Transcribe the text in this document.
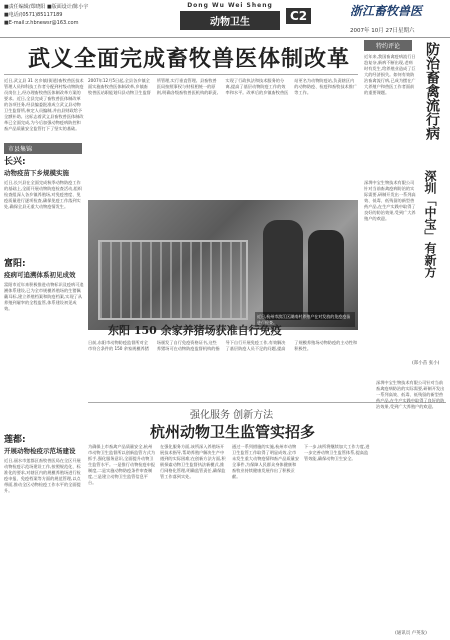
■责任编辑/郑晓阳 ■版面设计/陈小宇
■电话/(0571)85117189
■E-mail:z.hbnewsr@163.com
Dong Wu Wei Sheng
动物卫生	C2	浙江畜牧兽医
2007年 10月 27日星期六
武义全面完成畜牧兽医体制改革
近日,武义县 31 名乡镇(街道)畜牧兽医技术管理人员和科技工作者分配到村级动物防疫员岗位上,经办理畜牧兽医体制改革方案的要求。近日,全县完成了畜牧兽医体制改革的各项任务,经县编委批准成立武义县动物卫生监督所,核定人员编制,并由县财政给予全额补助。这标志着武义县畜牧兽医体制改革已全面完成,为今后加强动物疫病防控和畜产品质量安全监管打下了坚实的基础。
2007年12月5日起,全县各乡镇全面实施畜牧兽医体制改革,乡镇畜牧兽医站职能划归县动物卫生监督所管理,实行垂直管理。县畜牧兽医局按照事权与财权相统一的原则,明确各级畜牧兽医机构的职责,实现了行政执法和技术服务的分离,提高了基层动物防疫工作的效率和水平。改革后的乡镇畜牧兽医站更名为动物防疫站,负责辖区内的动物防疫、检疫和畜牧技术推广等工作。
市县集锦
长兴:
动物疫苗下乡规模实施
近日,长兴县在全面完成秋季动物防疫工作的基础上,全面开展动物防疫检查活动,组织检查组深入各乡镇养殖场,对免疫密度、免疫质量进行逐项检查,确保免疫工作落到实处,确保全县无重大动物疫情发生。
富阳:
疫病可追溯体系初见成效
富阳市近年来积极推进动物标识及疫病可追溯体系建设,已为全市规模养殖场的生猪佩戴耳标,建立养殖档案和防疫档案,实现了从养殖到屠宰的全程监管,体系建设初见成效。
莲都:
开展动物检疫示范场建设
近日,丽水市莲都区畜牧兽医局在全区开展动物检疫示范场建设工作,按照规范化、标准化的要求,对辖区内的规模养殖场进行检疫申报、免疫档案等方面的规范管理,以点带面,推动全区动物检疫工作水平的全面提升。
近日,杭州市滨江区湖南村养殖户在对发放的免疫疫苗进行检查。
东阳 150 余家养猪场获准自行免疫
日前,东阳市动物防疫监督所对全市符合条件的 150 余家规模养猪场颁发了自行免疫资格证书,这些养猪场可在动物防疫监督机构的指导下自行开展免疫工作,有效解决了基层防疫人员不足的问题,提高了规模养殖场动物防疫的主动性和积极性。
特约评论	防治畜禽流行病
深圳「中宝」有新方
近年来,我国畜禽疫病流行日趋复杂,新病不断出现,老病时有发生,给养殖业造成了巨大的经济损失。如何有效防治畜禽流行病,已成为摆在广大养殖户和兽医工作者面前的重要课题。
深圳中宝生物技术有限公司针对当前畜禽疫病防治的实际需要,研制开发出一系列高效、低毒、低残留的新型兽药产品,在生产实践中取得了良好的防治效果,受到广大养殖户的欢迎。
(郑小苗 张小)
强化服务 创新方法
杭州动物卫生监管实招多
为确保上市畜禽产品质量安全,杭州市动物卫生监督所以创新监管方式为抓手,强化服务意识,全面提升动物卫生监管水平。一是推行动物检疫申报制度,二是实施动物防疫条件审查制度,三是建立动物卫生监管信息平台。
在强化服务方面,该所深入养殖场开展技术指导,帮助养殖户解决生产中遇到的实际困难;在创新方法方面,积极探索动物卫生监督执法新模式,推行网格化管理,明确监管责任,确保监管工作落到实处。
通过一系列措施的实施,杭州市动物卫生监管工作取得了明显成效,全市未发生重大动物疫情和畜产品质量安全事件,为保障人民群众身体健康和畜牧业持续健康发展作出了积极贡献。
下一步,该所将继续加大工作力度,进一步完善动物卫生监管体系,提高监管效能,确保动物卫生安全。
深圳中宝生物技术有限公司针对当前畜禽疫病防治的实际需要,研制开发出一系列高效、低毒、低残留的新型兽药产品,在生产实践中取得了良好的防治效果,受到广大养殖户的欢迎。
(通讯员 卢英发)
